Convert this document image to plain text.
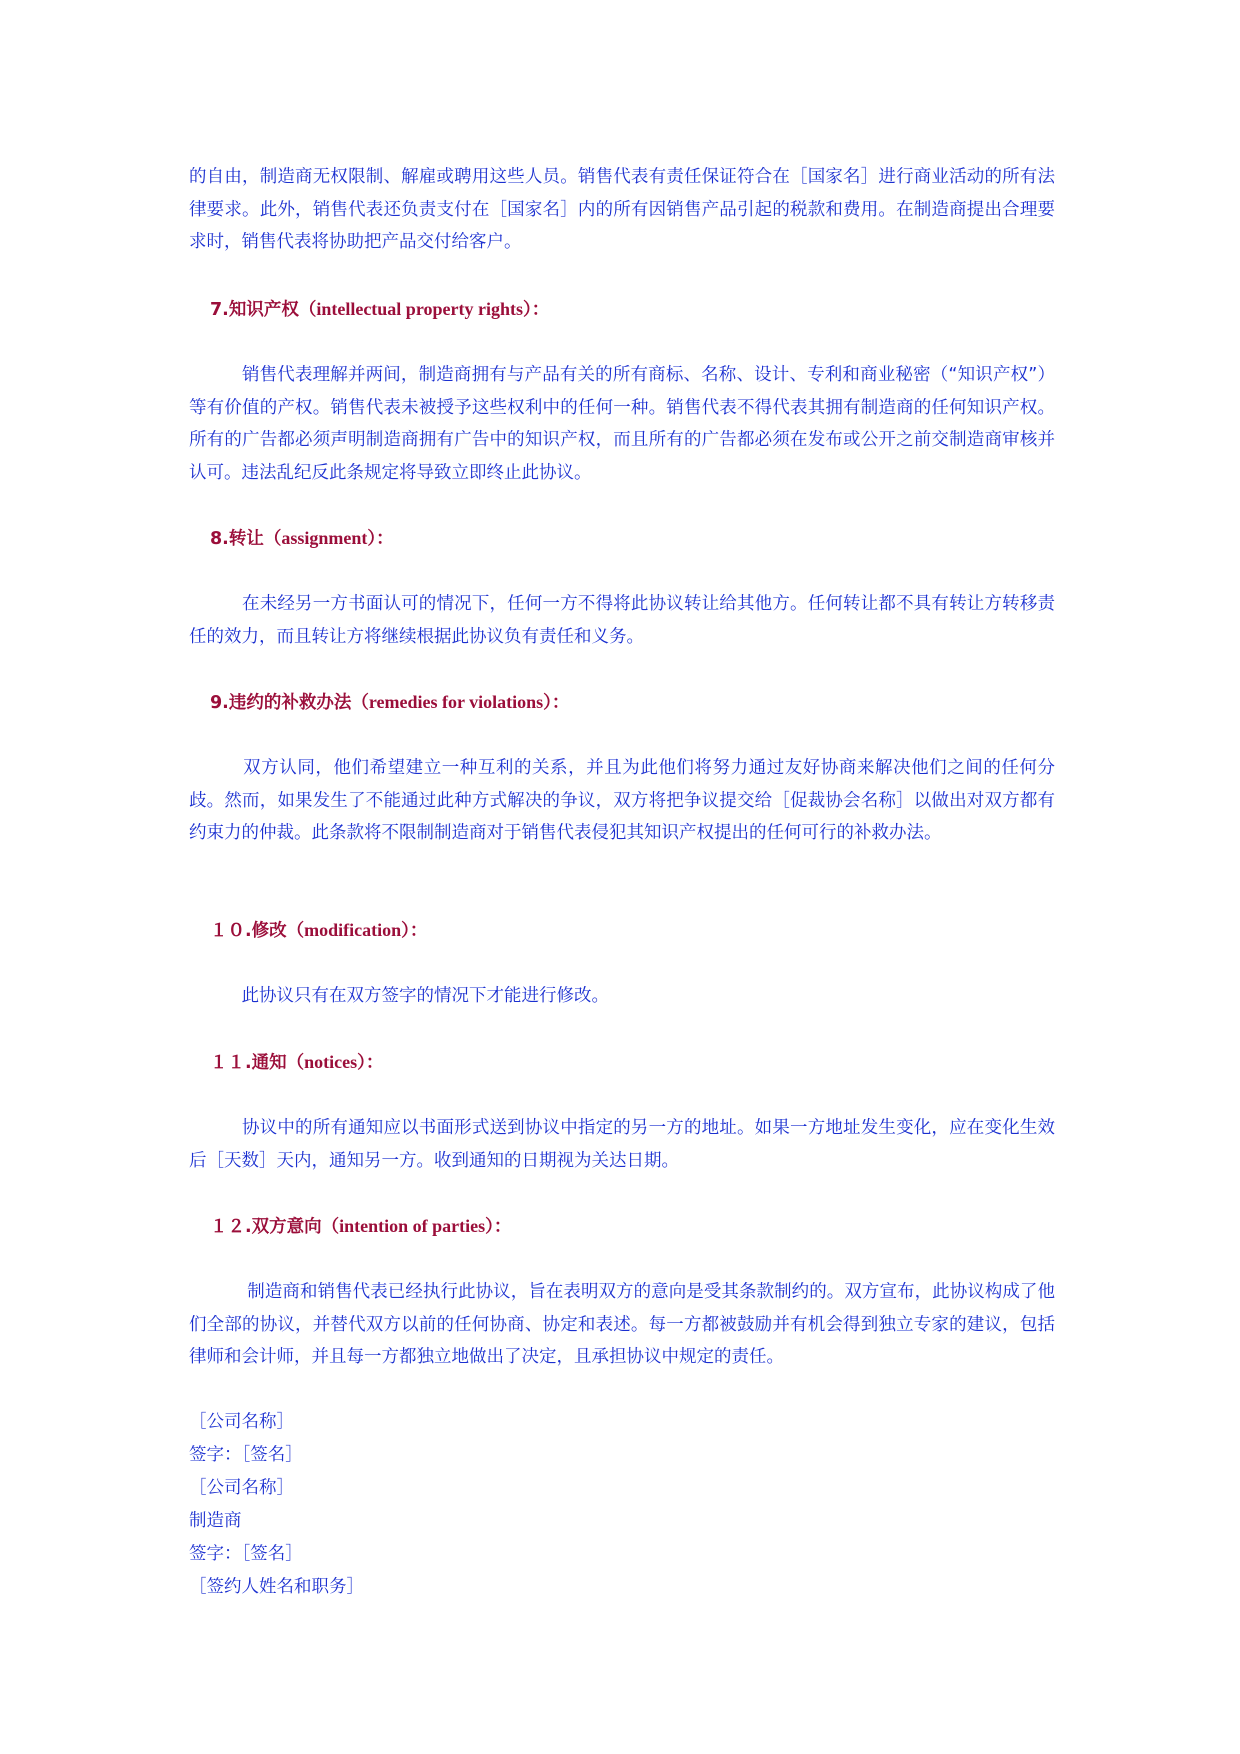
的自由，制造商无权限制、解雇或聘用这些人员。销售代表有责任保证符合在［国家名］进行商业活动的所有法律要求。此外，销售代表还负责支付在［国家名］内的所有因销售产品引起的税款和费用。在制造商提出合理要求时，销售代表将协助把产品交付给客户。

7.知识产权（intellectual property rights）：

　　　销售代表理解并两间，制造商拥有与产品有关的所有商标、名称、设计、专利和商业秘密（“知识产权”）等有价值的产权。销售代表未被授予这些权利中的任何一种。销售代表不得代表其拥有制造商的任何知识产权。所有的广告都必须声明制造商拥有广告中的知识产权，而且所有的广告都必须在发布或公开之前交制造商审核并认可。违法乱纪反此条规定将导致立即终止此协议。

8.转让（assignment）：

　　　在未经另一方书面认可的情况下，任何一方不得将此协议转让给其他方。任何转让都不具有转让方转移责任的效力，而且转让方将继续根据此协议负有责任和义务。

9.违约的补救办法（remedies for violations）：

　　　双方认同，他们希望建立一种互利的关系，并且为此他们将努力通过友好协商来解决他们之间的任何分歧。然而，如果发生了不能通过此种方式解决的争议，双方将把争议提交给［促裁协会名称］以做出对双方都有约束力的仲裁。此条款将不限制制造商对于销售代表侵犯其知识产权提出的任何可行的补救办法。

１０.修改（modification）：

　　　此协议只有在双方签字的情况下才能进行修改。

１１.通知（notices）：

　　　协议中的所有通知应以书面形式送到协议中指定的另一方的地址。如果一方地址发生变化，应在变化生效后［天数］天内，通知另一方。收到通知的日期视为关达日期。

１２.双方意向（intention of parties）：

　　　 制造商和销售代表已经执行此协议，旨在表明双方的意向是受其条款制约的。双方宣布，此协议构成了他们全部的协议，并替代双方以前的任何协商、协定和表述。每一方都被鼓励并有机会得到独立专家的建议，包括律师和会计师，并且每一方都独立地做出了决定，且承担协议中规定的责任。

［公司名称］
签字：［签名］
［公司名称］
制造商
签字：［签名］
［签约人姓名和职务］
